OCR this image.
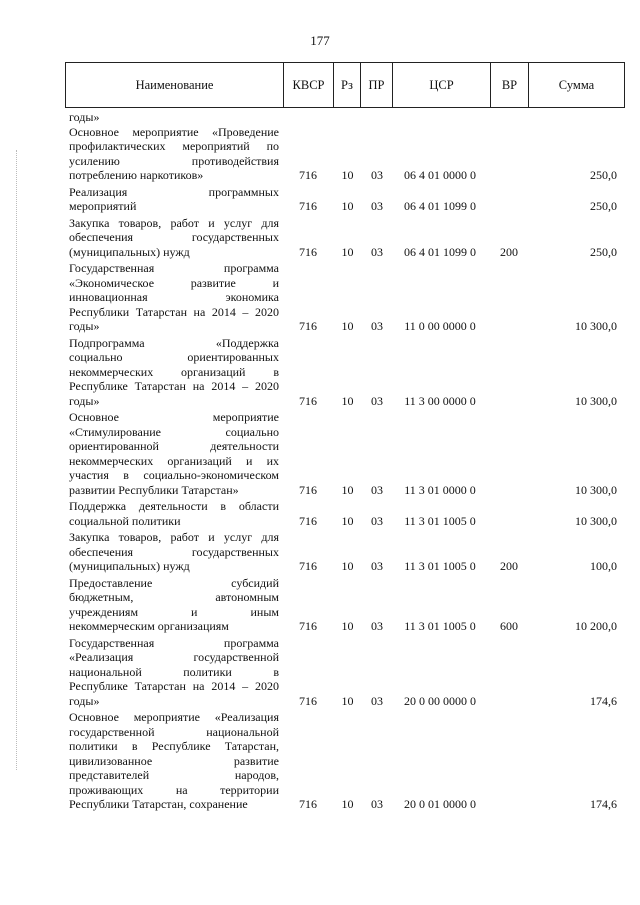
177
Наименование	КВСР	Рз	ПР	ЦСР	ВР	Сумма
годы»
Основное мероприятие «Проведение
профилактических мероприятий по
усилению противодействия
потреблению наркотиков»	716	10	03	06 4 01 0000 0	250,0
Реализация программных
мероприятий	716	10	03	06 4 01 1099 0	250,0
Закупка товаров, работ и услуг для
обеспечения государственных
(муниципальных) нужд	716	10	03	06 4 01 1099 0	200	250,0
Государственная программа
«Экономическое развитие и
инновационная экономика
Республики Татарстан на 2014 – 2020
годы»	716	10	03	11 0 00 0000 0	10 300,0
Подпрограмма «Поддержка
социально ориентированных
некоммерческих организаций в
Республике Татарстан на 2014 – 2020
годы»	716	10	03	11 3 00 0000 0	10 300,0
Основное мероприятие
«Стимулирование социально
ориентированной деятельности
некоммерческих организаций и их
участия в социально-экономическом
развитии Республики Татарстан»	716	10	03	11 3 01 0000 0	10 300,0
Поддержка деятельности в области
социальной политики	716	10	03	11 3 01 1005 0	10 300,0
Закупка товаров, работ и услуг для
обеспечения государственных
(муниципальных) нужд	716	10	03	11 3 01 1005 0	200	100,0
Предоставление субсидий
бюджетным, автономным
учреждениям и иным
некоммерческим организациям	716	10	03	11 3 01 1005 0	600	10 200,0
Государственная программа
«Реализация государственной
национальной политики в
Республике Татарстан на 2014 – 2020
годы»	716	10	03	20 0 00 0000 0	174,6
Основное мероприятие «Реализация
государственной национальной
политики в Республике Татарстан,
цивилизованное развитие
представителей народов,
проживающих на территории
Республики Татарстан, сохранение	716	10	03	20 0 01 0000 0	174,6
